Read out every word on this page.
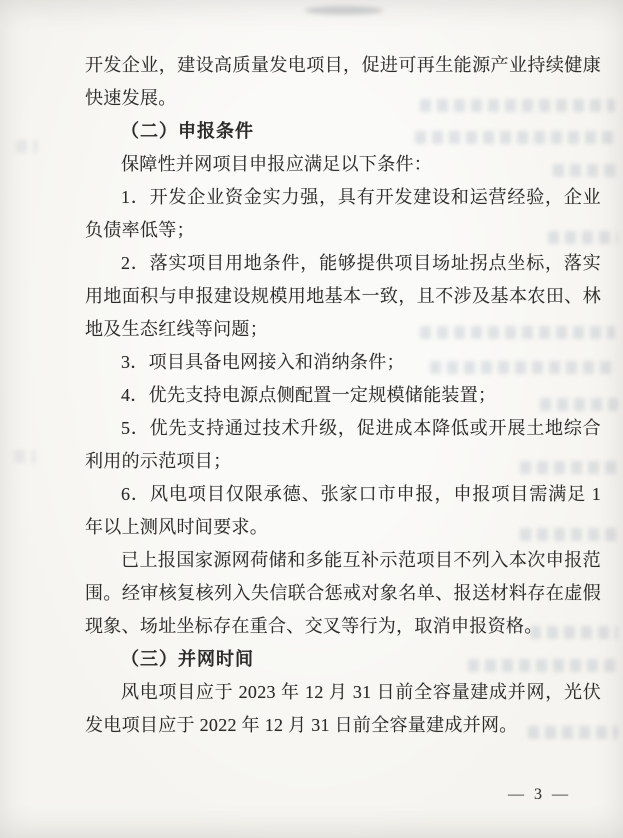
开发企业，建设高质量发电项目，促进可再生能源产业持续健康快速发展。

（二）申报条件

保障性并网项目申报应满足以下条件：

1．开发企业资金实力强，具有开发建设和运营经验，企业负债率低等；

2．落实项目用地条件，能够提供项目场址拐点坐标，落实用地面积与申报建设规模用地基本一致，且不涉及基本农田、林地及生态红线等问题；

3．项目具备电网接入和消纳条件；

4．优先支持电源点侧配置一定规模储能装置；

5．优先支持通过技术升级，促进成本降低或开展土地综合利用的示范项目；

6．风电项目仅限承德、张家口市申报，申报项目需满足 1 年以上测风时间要求。

已上报国家源网荷储和多能互补示范项目不列入本次申报范围。经审核复核列入失信联合惩戒对象名单、报送材料存在虚假现象、场址坐标存在重合、交叉等行为，取消申报资格。

（三）并网时间

风电项目应于 2023 年 12 月 31 日前全容量建成并网，光伏发电项目应于 2022 年 12 月 31 日前全容量建成并网。

— 3 —
